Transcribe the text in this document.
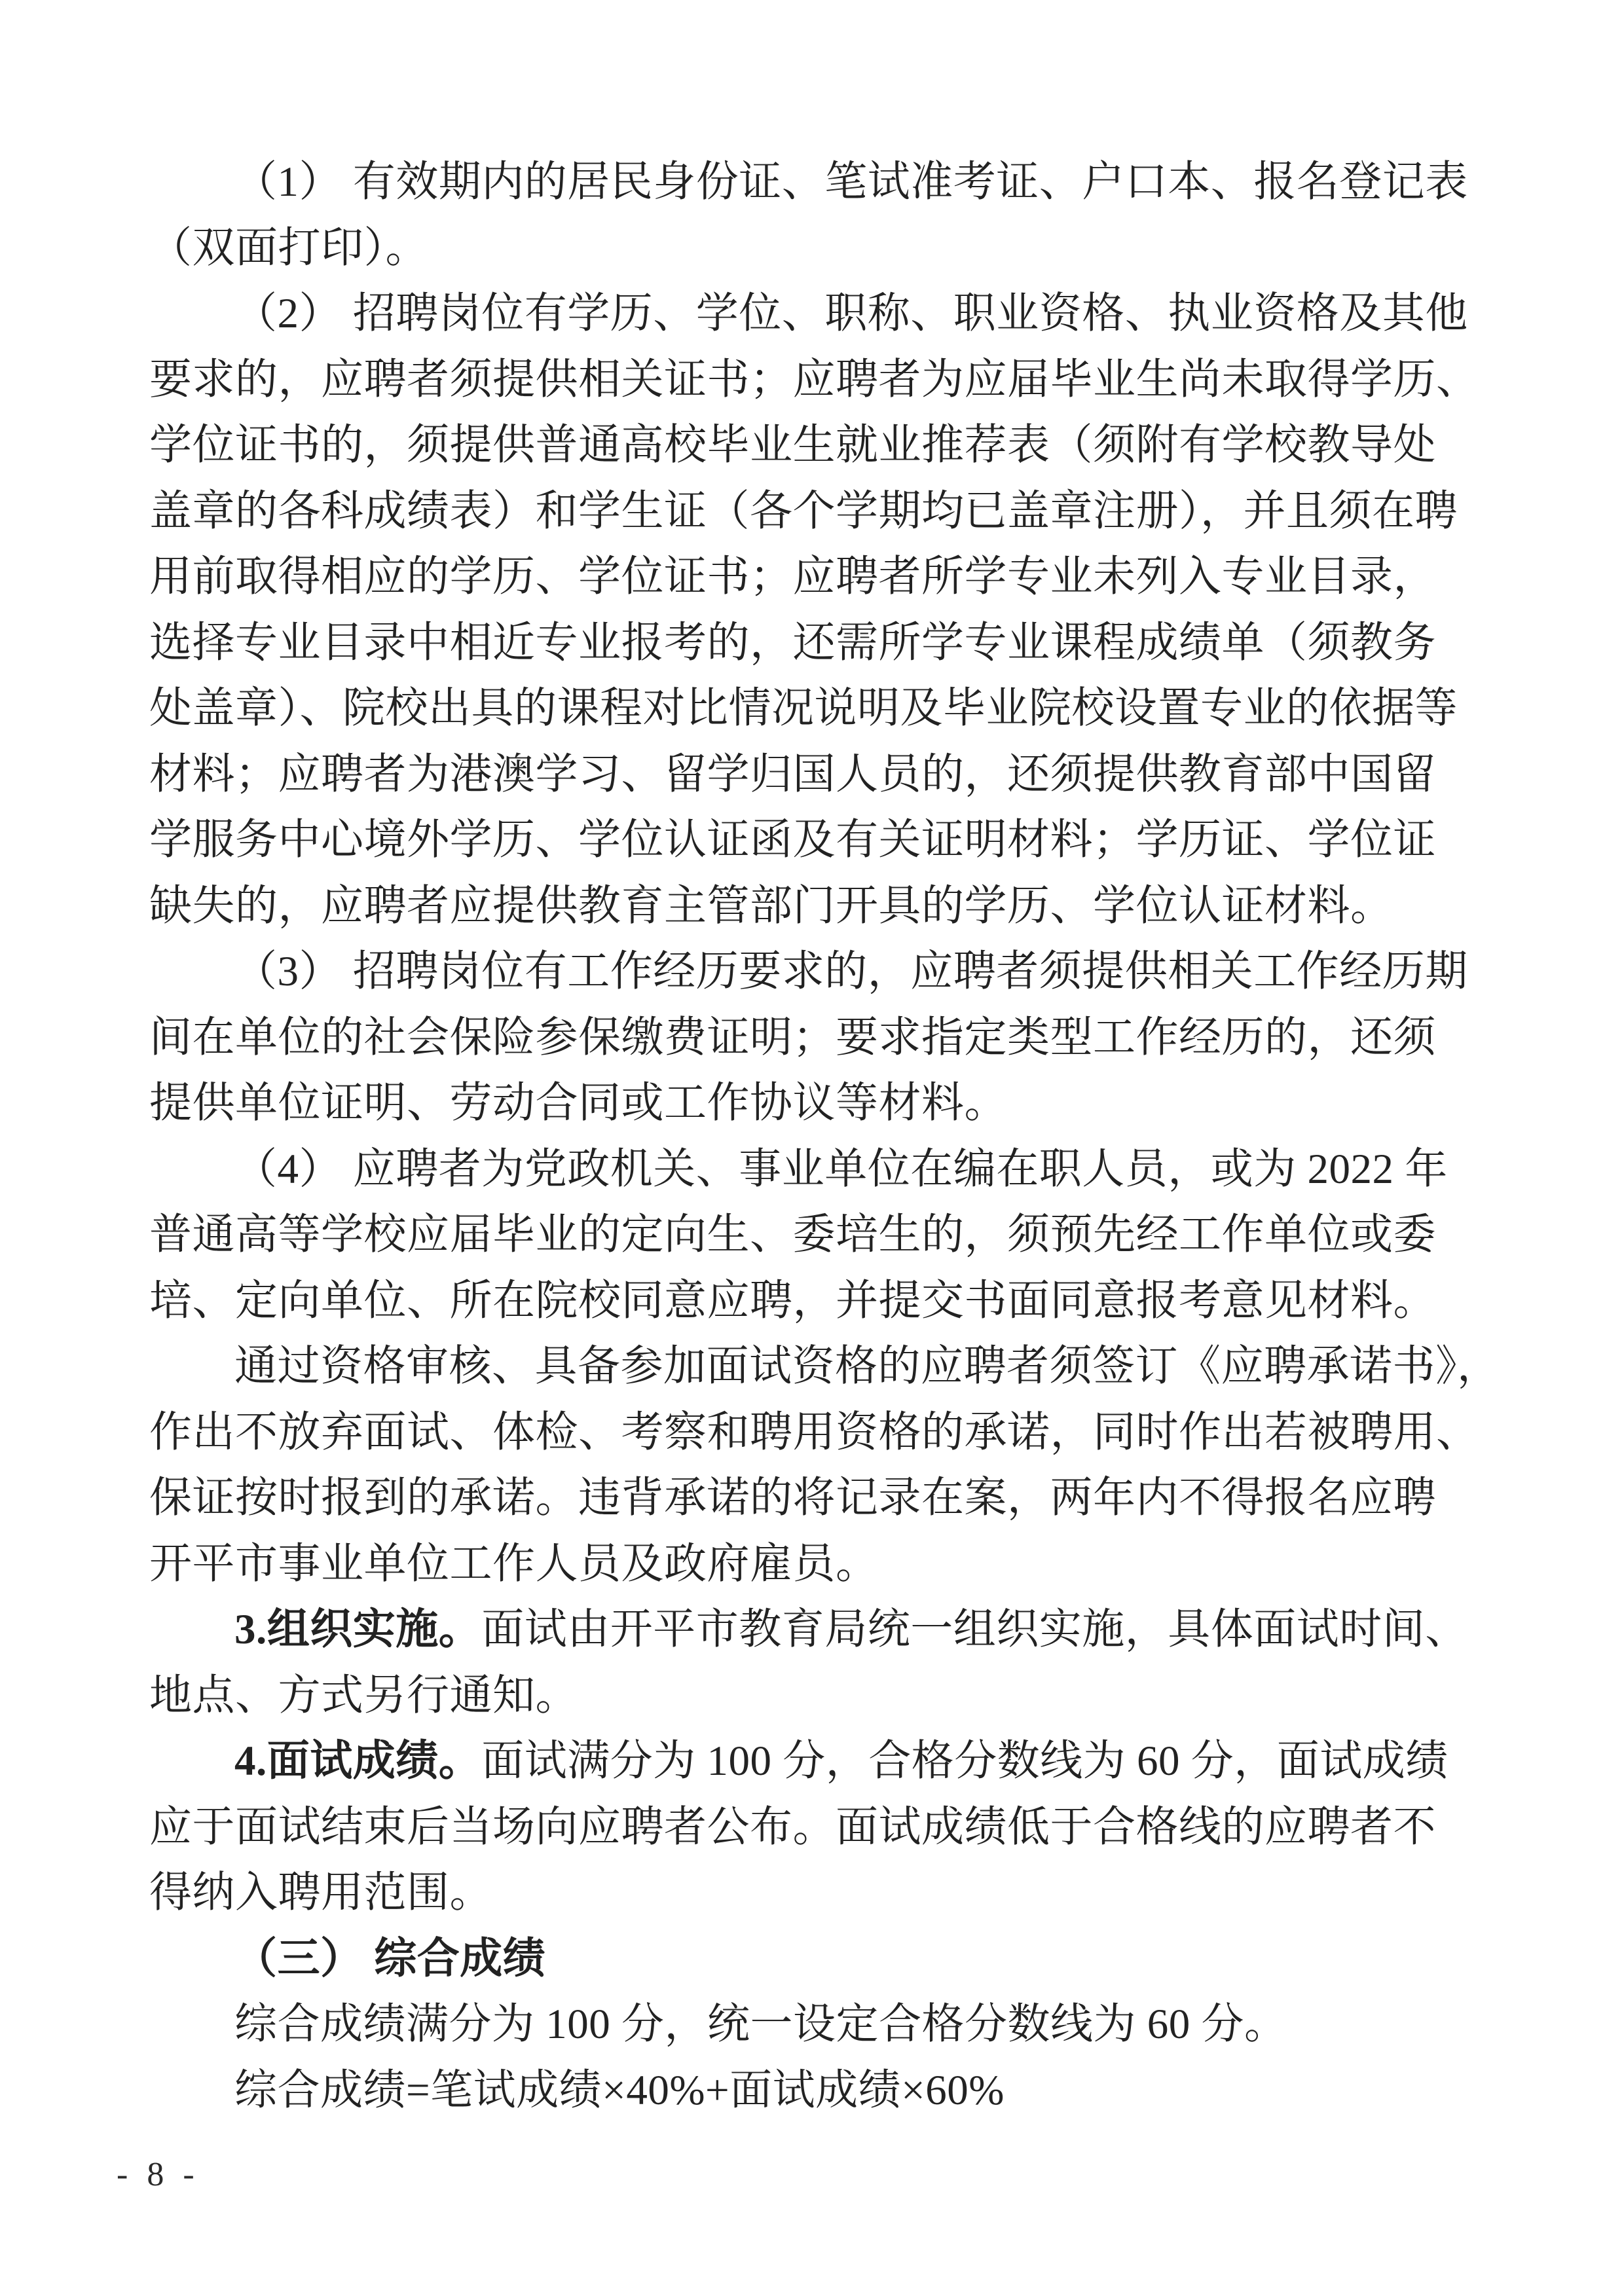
（1） 有效期内的居民身份证、笔试准考证、户口本、报名登记表
（双面打印）。
（2） 招聘岗位有学历、学位、职称、职业资格、执业资格及其他
要求的，应聘者须提供相关证书；应聘者为应届毕业生尚未取得学历、
学位证书的，须提供普通高校毕业生就业推荐表（须附有学校教导处
盖章的各科成绩表）和学生证（各个学期均已盖章注册），并且须在聘
用前取得相应的学历、学位证书；应聘者所学专业未列入专业目录，
选择专业目录中相近专业报考的，还需所学专业课程成绩单（须教务
处盖章）、院校出具的课程对比情况说明及毕业院校设置专业的依据等
材料；应聘者为港澳学习、留学归国人员的，还须提供教育部中国留
学服务中心境外学历、学位认证函及有关证明材料；学历证、学位证
缺失的，应聘者应提供教育主管部门开具的学历、学位认证材料。
（3） 招聘岗位有工作经历要求的，应聘者须提供相关工作经历期
间在单位的社会保险参保缴费证明；要求指定类型工作经历的，还须
提供单位证明、劳动合同或工作协议等材料。
（4） 应聘者为党政机关、事业单位在编在职人员，或为 2022 年
普通高等学校应届毕业的定向生、委培生的，须预先经工作单位或委
培、定向单位、所在院校同意应聘，并提交书面同意报考意见材料。
通过资格审核、具备参加面试资格的应聘者须签订《应聘承诺书》，
作出不放弃面试、体检、考察和聘用资格的承诺，同时作出若被聘用、
保证按时报到的承诺。违背承诺的将记录在案，两年内不得报名应聘
开平市事业单位工作人员及政府雇员。
3.组织实施。面试由开平市教育局统一组织实施，具体面试时间、
地点、方式另行通知。
4.面试成绩。面试满分为 100 分，合格分数线为 60 分，面试成绩
应于面试结束后当场向应聘者公布。面试成绩低于合格线的应聘者不
得纳入聘用范围。
（三） 综合成绩
综合成绩满分为 100 分，统一设定合格分数线为 60 分。
综合成绩=笔试成绩×40%+面试成绩×60%
- 8 -
